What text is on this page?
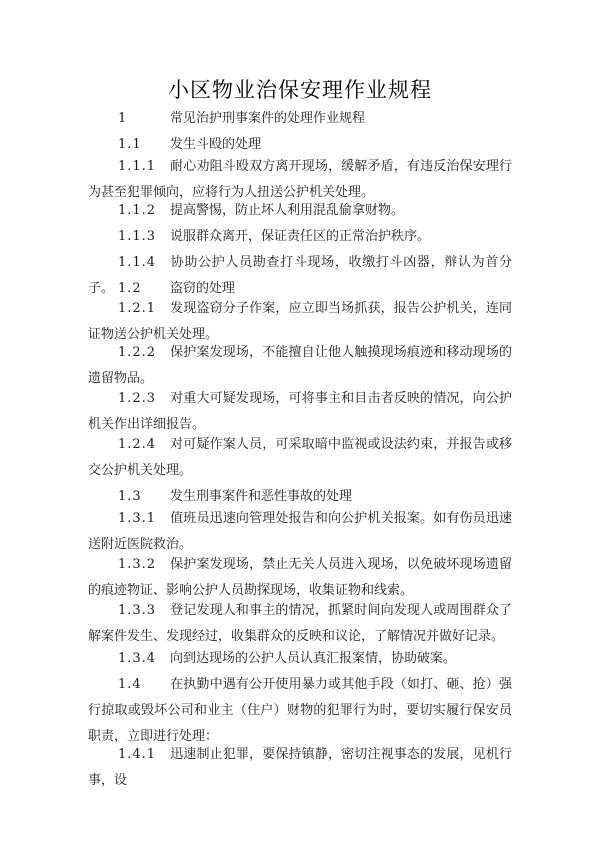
小区物业治保安理作业规程
1	常见治护刑事案件的处理作业规程
1.1 发生斗殴的处理
1.1.1 耐心劝阻斗殴双方离开现场，缓解矛盾，有违反治保安理行为甚至犯罪倾向，应将行为人扭送公护机关处理。
1.1.2 提高警惕，防止坏人利用混乱偷拿财物。
1.1.3 说服群众离开，保证责任区的正常治护秩序。
1.1.4 协助公护人员勘查打斗现场，收缴打斗凶器，辩认为首分子。 1.2 盗窃的处理
1.2.1 发现盗窃分子作案，应立即当场抓获，报告公护机关，连同证物送公护机关处理。
1.2.2 保护案发现场，不能擅自让他人触摸现场痕迹和移动现场的遗留物品。
1.2.3 对重大可疑发现场，可将事主和目击者反映的情况，向公护机关作出详细报告。
1.2.4 对可疑作案人员，可采取暗中监视或设法约束，并报告或移交公护机关处理。
1.3 发生刑事案件和恶性事故的处理
1.3.1 值班员迅速向管理处报告和向公护机关报案。如有伤员迅速送附近医院救治。
1.3.2 保护案发现场，禁止无关人员进入现场，以免破坏现场遗留的痕迹物证、影响公护人员勘探现场，收集证物和线索。
1.3.3 登记发现人和事主的情况，抓紧时间向发现人或周围群众了解案件发生、发现经过，收集群众的反映和议论，了解情况并做好记录。
1.3.4 向到达现场的公护人员认真汇报案情，协助破案。
1.4 在执勤中遇有公开使用暴力或其他手段（如打、砸、抢）强行掠取或毁坏公司和业主（住户）财物的犯罪行为时，要切实履行保安员职责，立即进行处理：
1.4.1 迅速制止犯罪，要保持镇静，密切注视事态的发展，见机行事，设
